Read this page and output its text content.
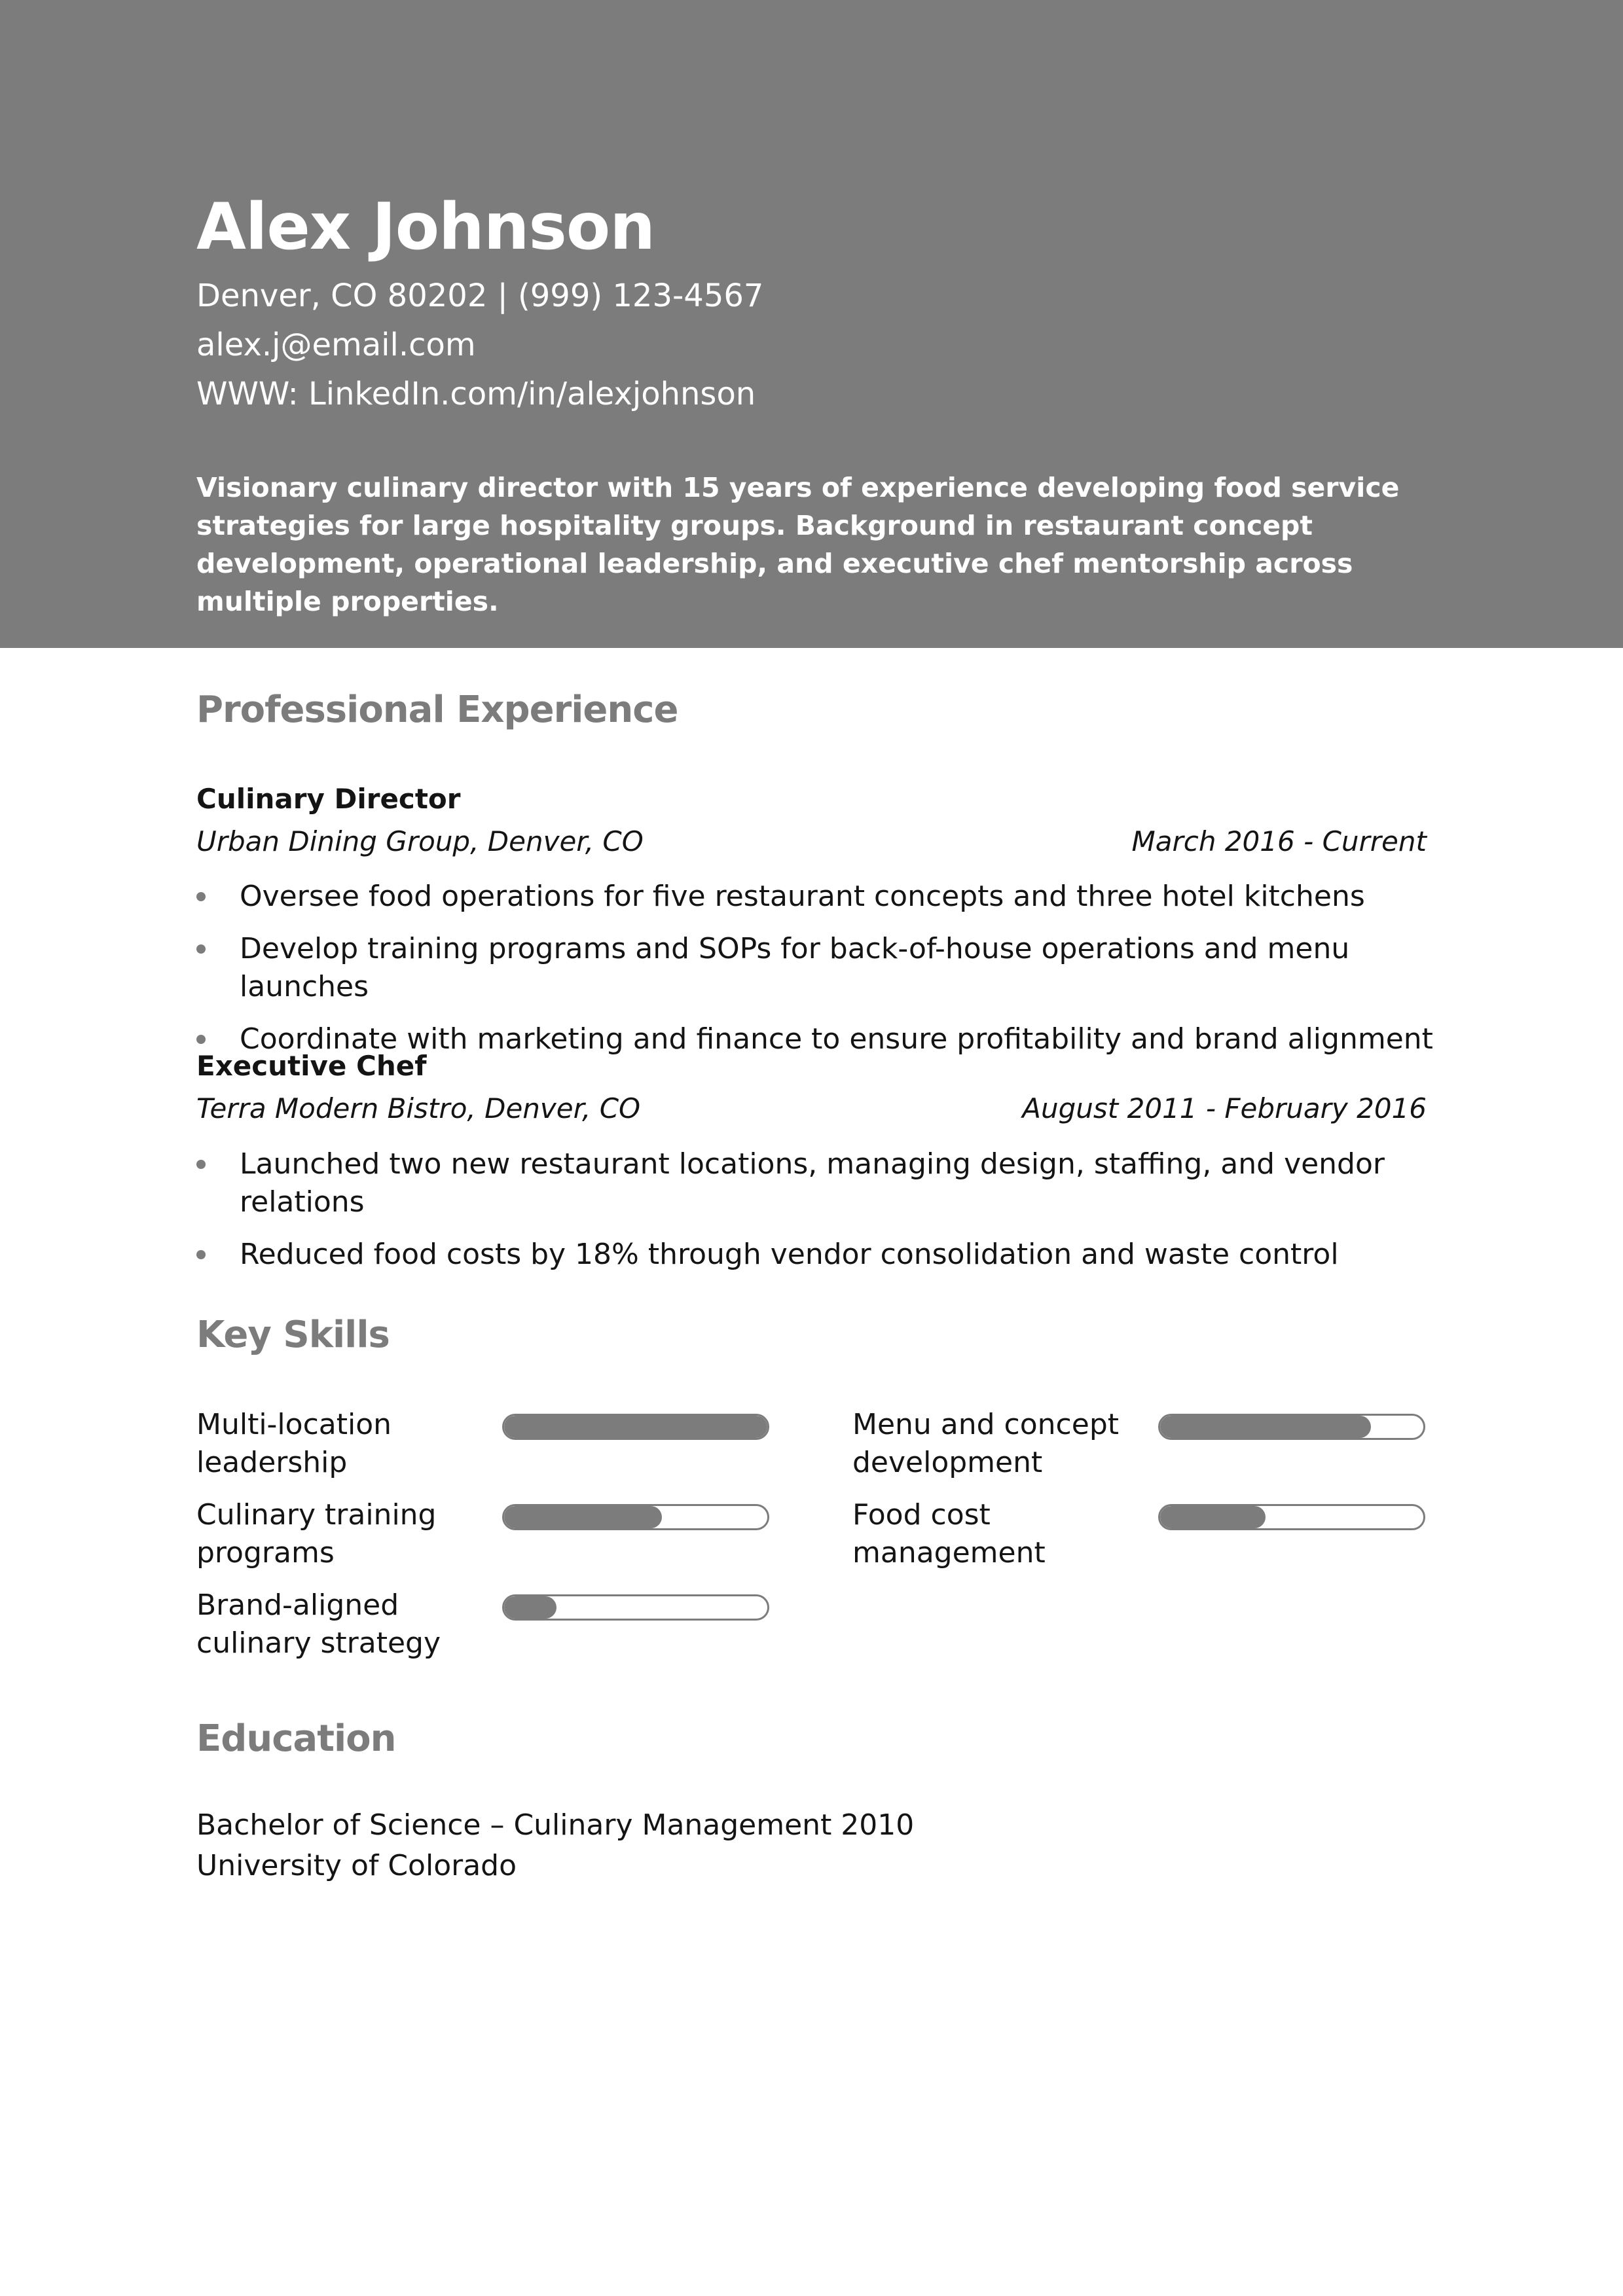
Alex Johnson
Denver, CO 80202 | (999) 123-4567
alex.j@email.com
WWW: LinkedIn.com/in/alexjohnson
Visionary culinary director with 15 years of experience developing food service strategies for large hospitality groups. Background in restaurant concept development, operational leadership, and executive chef mentorship across multiple properties.
Professional Experience
Culinary Director
Urban Dining Group, Denver, CO	March 2016 - Current
Oversee food operations for five restaurant concepts and three hotel kitchens
Develop training programs and SOPs for back-of-house operations and menu launches
Coordinate with marketing and finance to ensure profitability and brand alignment
Executive Chef
Terra Modern Bistro, Denver, CO	August 2011 - February 2016
Launched two new restaurant locations, managing design, staffing, and vendor relations
Reduced food costs by 18% through vendor consolidation and waste control
Key Skills
Multi-location leadership
Menu and concept development
Culinary training programs
Food cost management
Brand-aligned culinary strategy
Education
Bachelor of Science – Culinary Management 2010
University of Colorado
